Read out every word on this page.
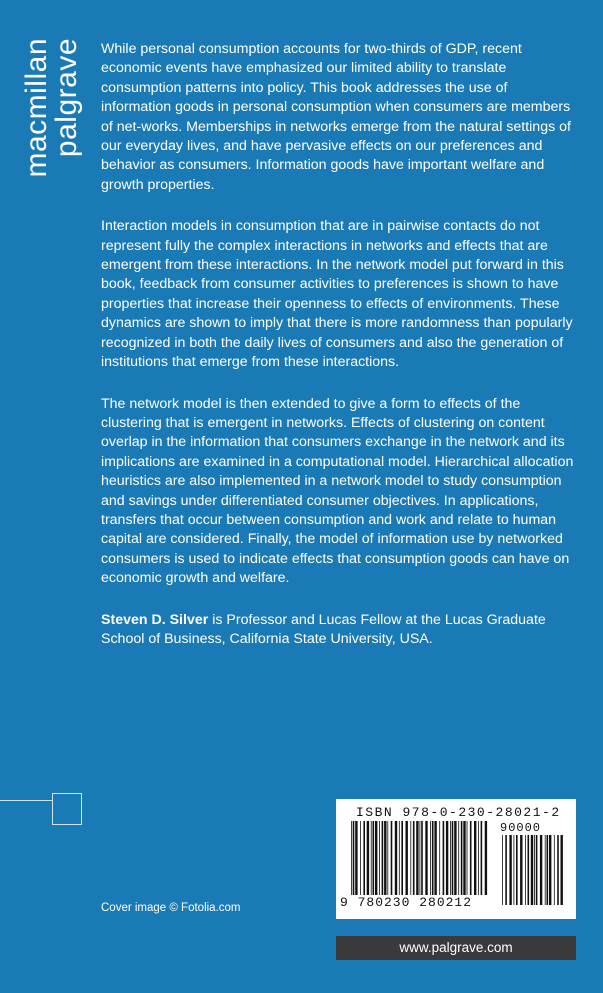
palgrave
macmillan	While personal consumption accounts for two-thirds of GDP, recent economic events have emphasized our limited ability to translate consumption patterns into policy. This book addresses the use of information goods in personal consumption when consumers are members of net-works. Memberships in networks emerge from the natural settings of our everyday lives, and have pervasive effects on our preferences and behavior as consumers. Information goods have important welfare and growth properties.

Interaction models in consumption that are in pairwise contacts do not represent fully the complex interactions in networks and effects that are emergent from these interactions. In the network model put forward in this book, feedback from consumer activities to preferences is shown to have properties that increase their openness to effects of environments. These dynamics are shown to imply that there is more randomness than popularly recognized in both the daily lives of consumers and also the generation of institutions that emerge from these interactions.

The network model is then extended to give a form to effects of the clustering that is emergent in networks. Effects of clustering on content overlap in the information that consumers exchange in the network and its implications are examined in a computational model. Hierarchical allocation heuristics are also implemented in a network model to study consumption and savings under differentiated consumer objectives. In applications, transfers that occur between consumption and work and relate to human capital are considered. Finally, the model of information use by networked consumers is used to indicate effects that consumption goods can have on economic growth and welfare.

Steven D. Silver is Professor and Lucas Fellow at the Lucas Graduate School of Business, California State University, USA.

Cover image © Fotolia.com
ISBN 978-0-230-28021-2
90000
9 780230 280212
www.palgrave.com
